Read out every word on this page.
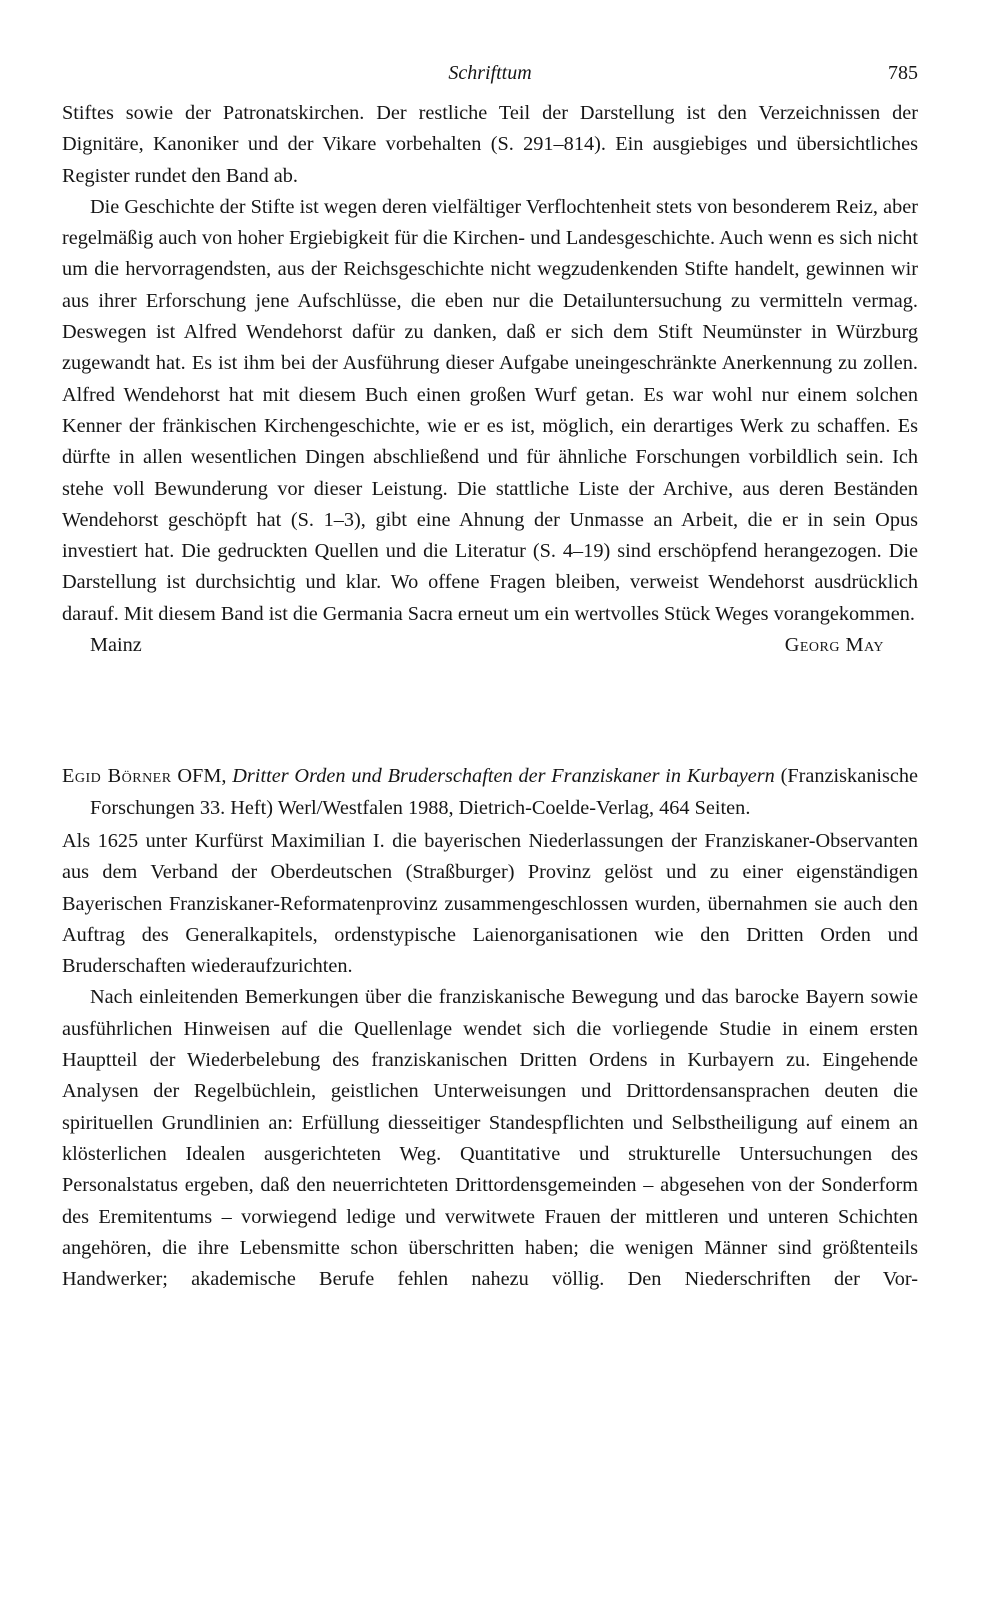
Schrifttum	785

Stiftes sowie der Patronatskirchen. Der restliche Teil der Darstellung ist den Verzeichnissen der Dignitäre, Kanoniker und der Vikare vorbehalten (S. 291–814). Ein ausgiebiges und übersichtliches Register rundet den Band ab.

Die Geschichte der Stifte ist wegen deren vielfältiger Verflochtenheit stets von besonderem Reiz, aber regelmäßig auch von hoher Ergiebigkeit für die Kirchen- und Landesgeschichte. Auch wenn es sich nicht um die hervorragendsten, aus der Reichsgeschichte nicht wegzudenkenden Stifte handelt, gewinnen wir aus ihrer Erforschung jene Aufschlüsse, die eben nur die Detailuntersuchung zu vermitteln vermag. Deswegen ist Alfred Wendehorst dafür zu danken, daß er sich dem Stift Neumünster in Würzburg zugewandt hat. Es ist ihm bei der Ausführung dieser Aufgabe uneingeschränkte Anerkennung zu zollen. Alfred Wendehorst hat mit diesem Buch einen großen Wurf getan. Es war wohl nur einem solchen Kenner der fränkischen Kirchengeschichte, wie er es ist, möglich, ein derartiges Werk zu schaffen. Es dürfte in allen wesentlichen Dingen abschließend und für ähnliche Forschungen vorbildlich sein. Ich stehe voll Bewunderung vor dieser Leistung. Die stattliche Liste der Archive, aus deren Beständen Wendehorst geschöpft hat (S. 1–3), gibt eine Ahnung der Unmasse an Arbeit, die er in sein Opus investiert hat. Die gedruckten Quellen und die Literatur (S. 4–19) sind erschöpfend herangezogen. Die Darstellung ist durchsichtig und klar. Wo offene Fragen bleiben, verweist Wendehorst ausdrücklich darauf. Mit diesem Band ist die Germania Sacra erneut um ein wertvolles Stück Weges vorangekommen.

Mainz	Georg May

Egid Börner OFM, Dritter Orden und Bruderschaften der Franziskaner in Kurbayern (Franziskanische Forschungen 33. Heft) Werl/Westfalen 1988, Dietrich-Coelde-Verlag, 464 Seiten.

Als 1625 unter Kurfürst Maximilian I. die bayerischen Niederlassungen der Franziskaner-Observanten aus dem Verband der Oberdeutschen (Straßburger) Provinz gelöst und zu einer eigenständigen Bayerischen Franziskaner-Reformatenprovinz zusammengeschlossen wurden, übernahmen sie auch den Auftrag des Generalkapitels, ordenstypische Laienorganisationen wie den Dritten Orden und Bruderschaften wiederaufzurichten.

Nach einleitenden Bemerkungen über die franziskanische Bewegung und das barocke Bayern sowie ausführlichen Hinweisen auf die Quellenlage wendet sich die vorliegende Studie in einem ersten Hauptteil der Wiederbelebung des franziskanischen Dritten Ordens in Kurbayern zu. Eingehende Analysen der Regelbüchlein, geistlichen Unterweisungen und Drittordensansprachen deuten die spirituellen Grundlinien an: Erfüllung diesseitiger Standespflichten und Selbstheiligung auf einem an klösterlichen Idealen ausgerichteten Weg. Quantitative und strukturelle Untersuchungen des Personalstatus ergeben, daß den neuerrichteten Drittordensgemeinden – abgesehen von der Sonderform des Eremitentums – vorwiegend ledige und verwitwete Frauen der mittleren und unteren Schichten angehören, die ihre Lebensmitte schon überschritten haben; die wenigen Männer sind größtenteils Handwerker; akademische Berufe fehlen nahezu völlig. Den Niederschriften der Vor-
